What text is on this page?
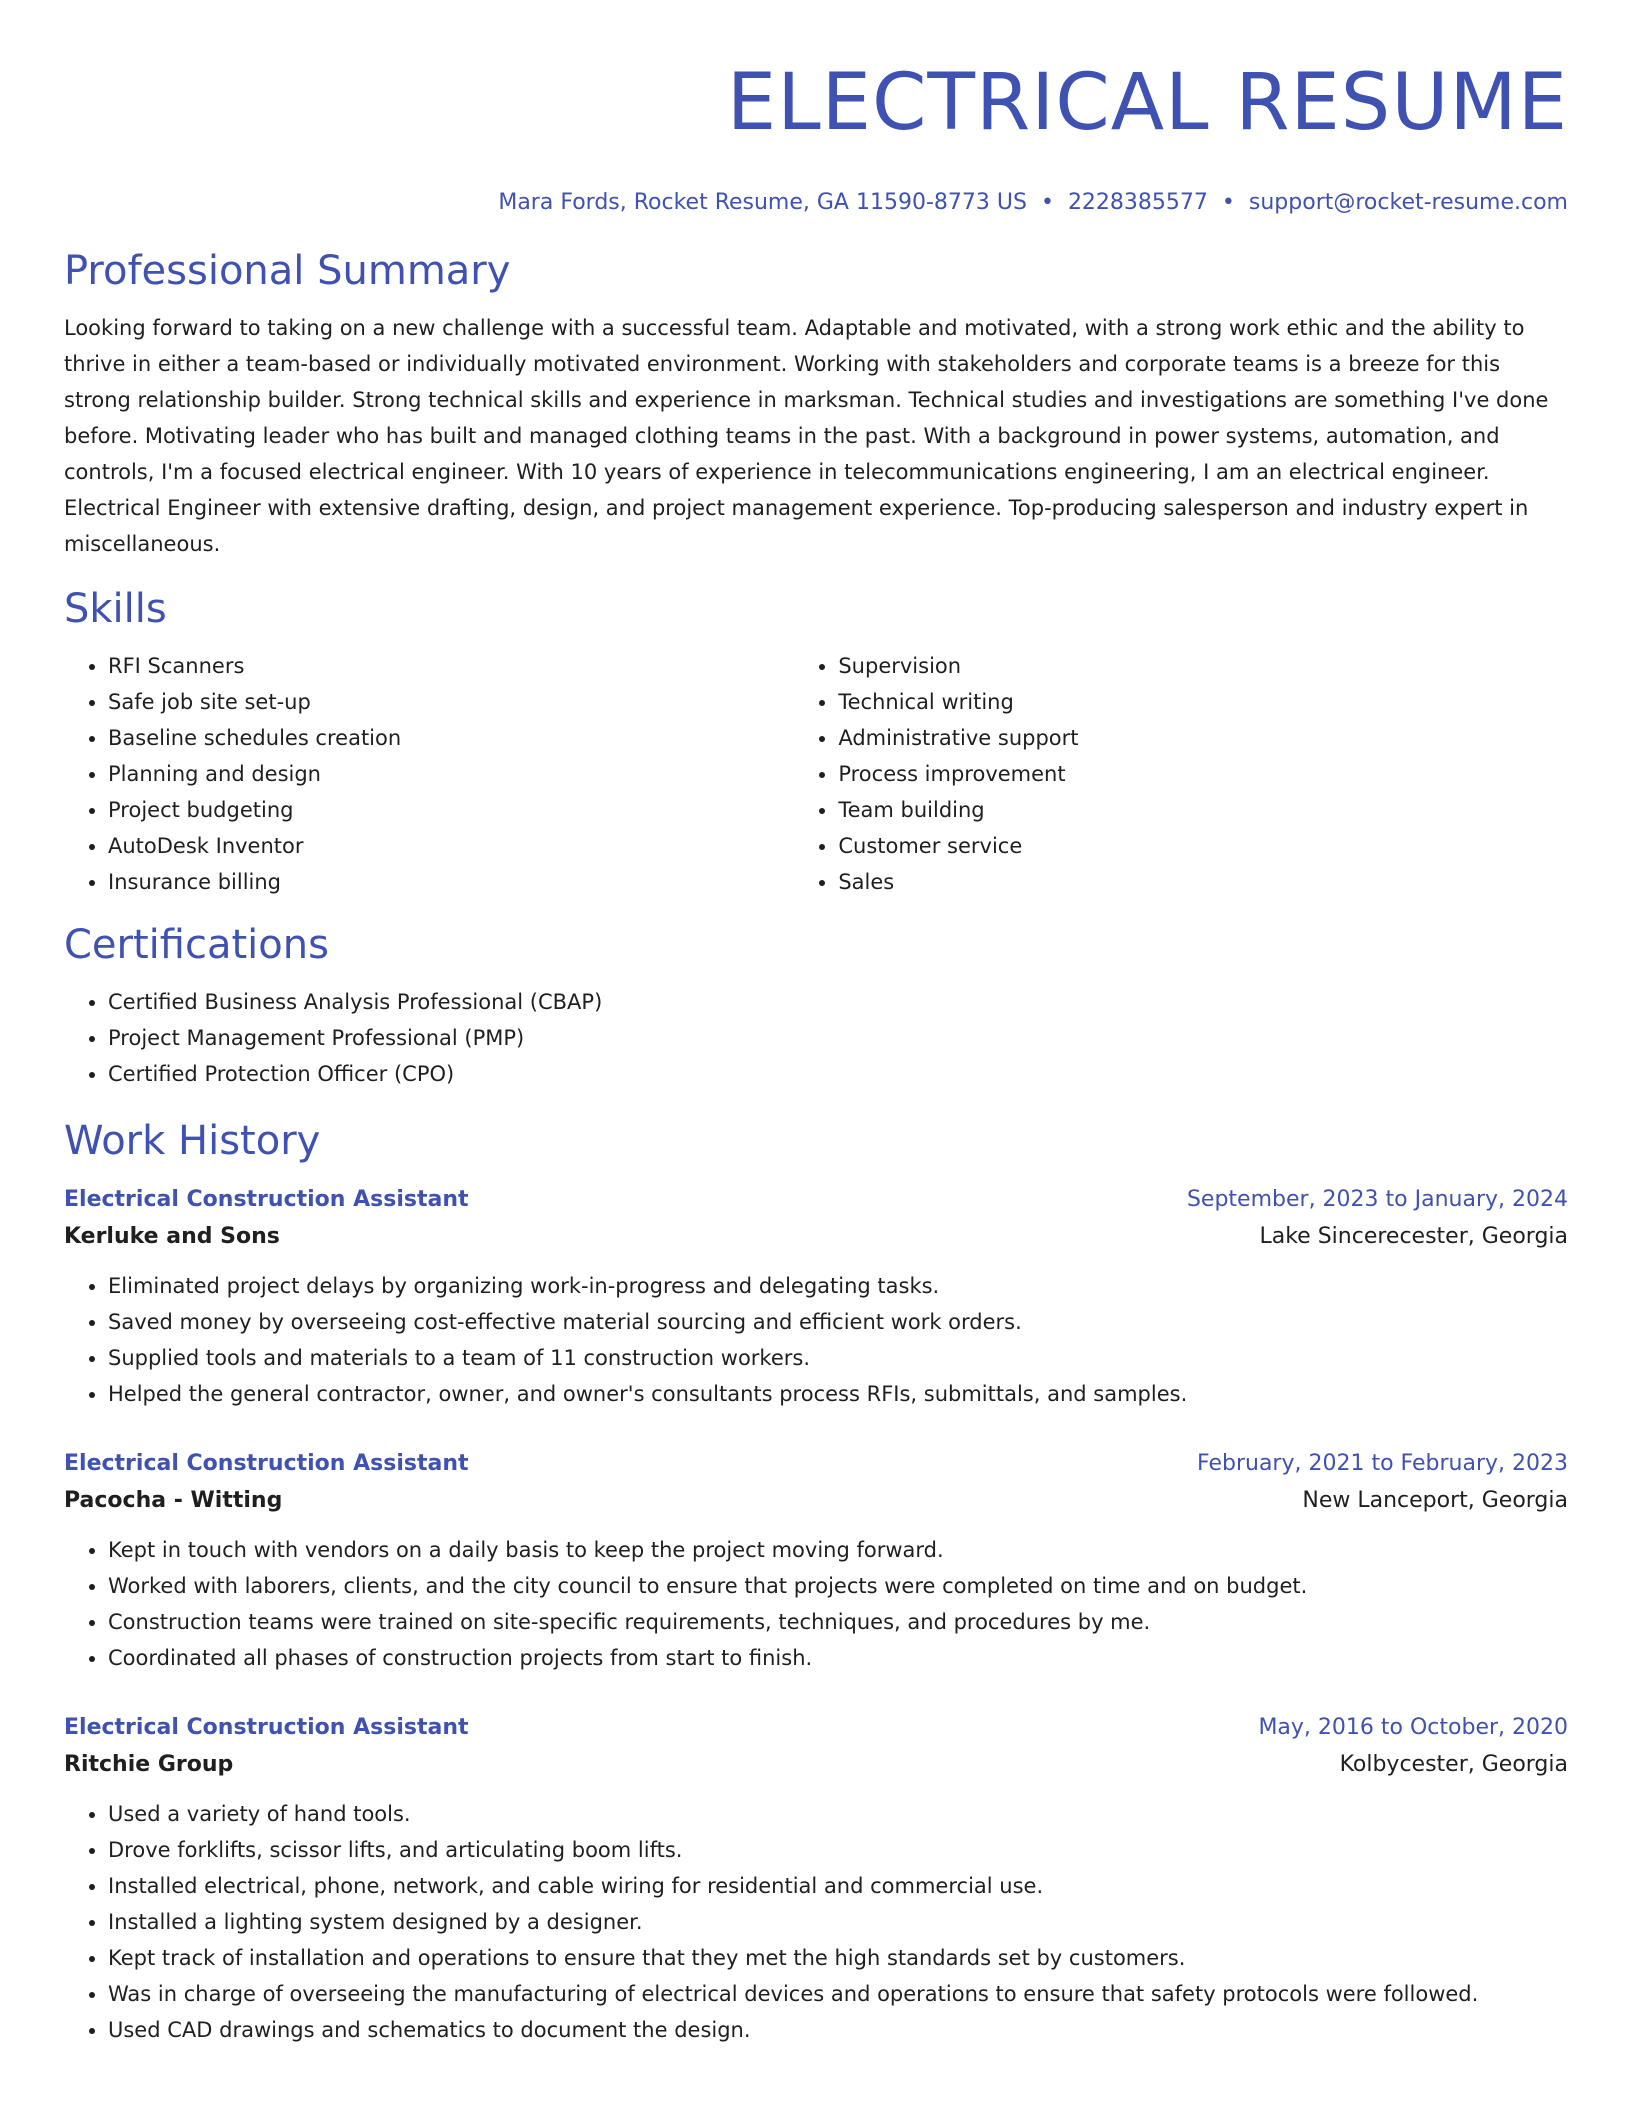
ELECTRICAL RESUME
Mara Fords, Rocket Resume, GA 11590-8773 US • 2228385577 • support@rocket-resume.com
Professional Summary

Looking forward to taking on a new challenge with a successful team. Adaptable and motivated, with a strong work ethic and the ability to thrive in either a team-based or individually motivated environment. Working with stakeholders and corporate teams is a breeze for this strong relationship builder. Strong technical skills and experience in marksman. Technical studies and investigations are something I've done before. Motivating leader who has built and managed clothing teams in the past. With a background in power systems, automation, and controls, I'm a focused electrical engineer. With 10 years of experience in telecommunications engineering, I am an electrical engineer. Electrical Engineer with extensive drafting, design, and project management experience. Top-producing salesperson and industry expert in miscellaneous.

Skills
• RFI Scanners
• Safe job site set-up
• Baseline schedules creation
• Planning and design
• Project budgeting
• AutoDesk Inventor
• Insurance billing
• Supervision
• Technical writing
• Administrative support
• Process improvement
• Team building
• Customer service
• Sales
Certifications
• Certified Business Analysis Professional (CBAP)
• Project Management Professional (PMP)
• Certified Protection Officer (CPO)
Work History
Electrical Construction Assistant	September, 2023 to January, 2024
Kerluke and Sons	Lake Sincerecester, Georgia
• Eliminated project delays by organizing work-in-progress and delegating tasks.
• Saved money by overseeing cost-effective material sourcing and efficient work orders.
• Supplied tools and materials to a team of 11 construction workers.
• Helped the general contractor, owner, and owner's consultants process RFIs, submittals, and samples.
Electrical Construction Assistant	February, 2021 to February, 2023
Pacocha - Witting	New Lanceport, Georgia
• Kept in touch with vendors on a daily basis to keep the project moving forward.
• Worked with laborers, clients, and the city council to ensure that projects were completed on time and on budget.
• Construction teams were trained on site-specific requirements, techniques, and procedures by me.
• Coordinated all phases of construction projects from start to finish.
Electrical Construction Assistant	May, 2016 to October, 2020
Ritchie Group	Kolbycester, Georgia
• Used a variety of hand tools.
• Drove forklifts, scissor lifts, and articulating boom lifts.
• Installed electrical, phone, network, and cable wiring for residential and commercial use.
• Installed a lighting system designed by a designer.
• Kept track of installation and operations to ensure that they met the high standards set by customers.
• Was in charge of overseeing the manufacturing of electrical devices and operations to ensure that safety protocols were followed.
• Used CAD drawings and schematics to document the design.
